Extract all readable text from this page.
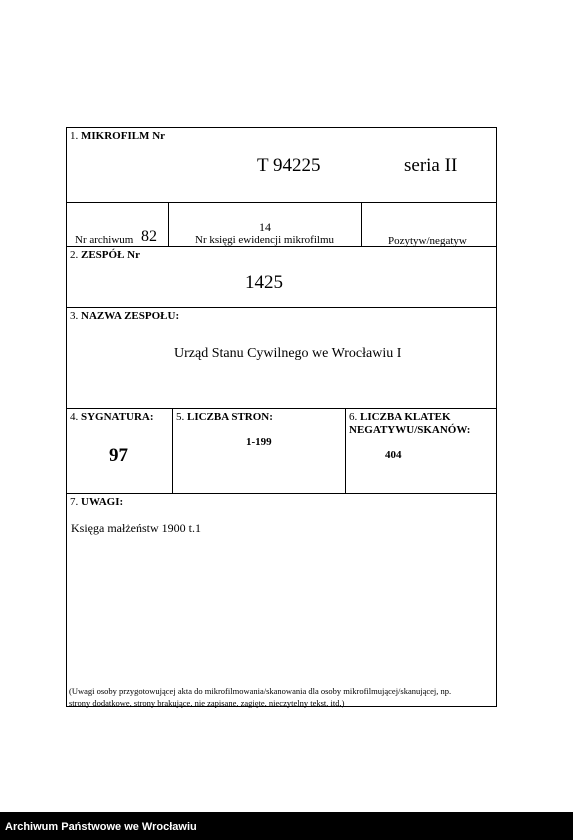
1. MIKROFILM Nr
T 94225	seria II
Nr archiwum 82
14
Nr księgi ewidencji mikrofilmu	Pozytyw/negatyw
2. ZESPÓŁ Nr
1425
3. NAZWA ZESPOŁU:
Urząd Stanu Cywilnego we Wrocławiu I
4. SYGNATURA:
97
5. LICZBA STRON:
1-199
6. LICZBA KLATEK
NEGATYWU/SKANÓW:
404
7. UWAGI:
Księga małżeństw 1900 t.1
(Uwagi osoby przygotowującej akta do mikrofilmowania/skanowania dla osoby mikrofilmującej/skanującej, np.
strony dodatkowe, strony brakujące, nie zapisane, zagięte, nieczytelny tekst, itd.)
Archiwum Państwowe we Wrocławiu
